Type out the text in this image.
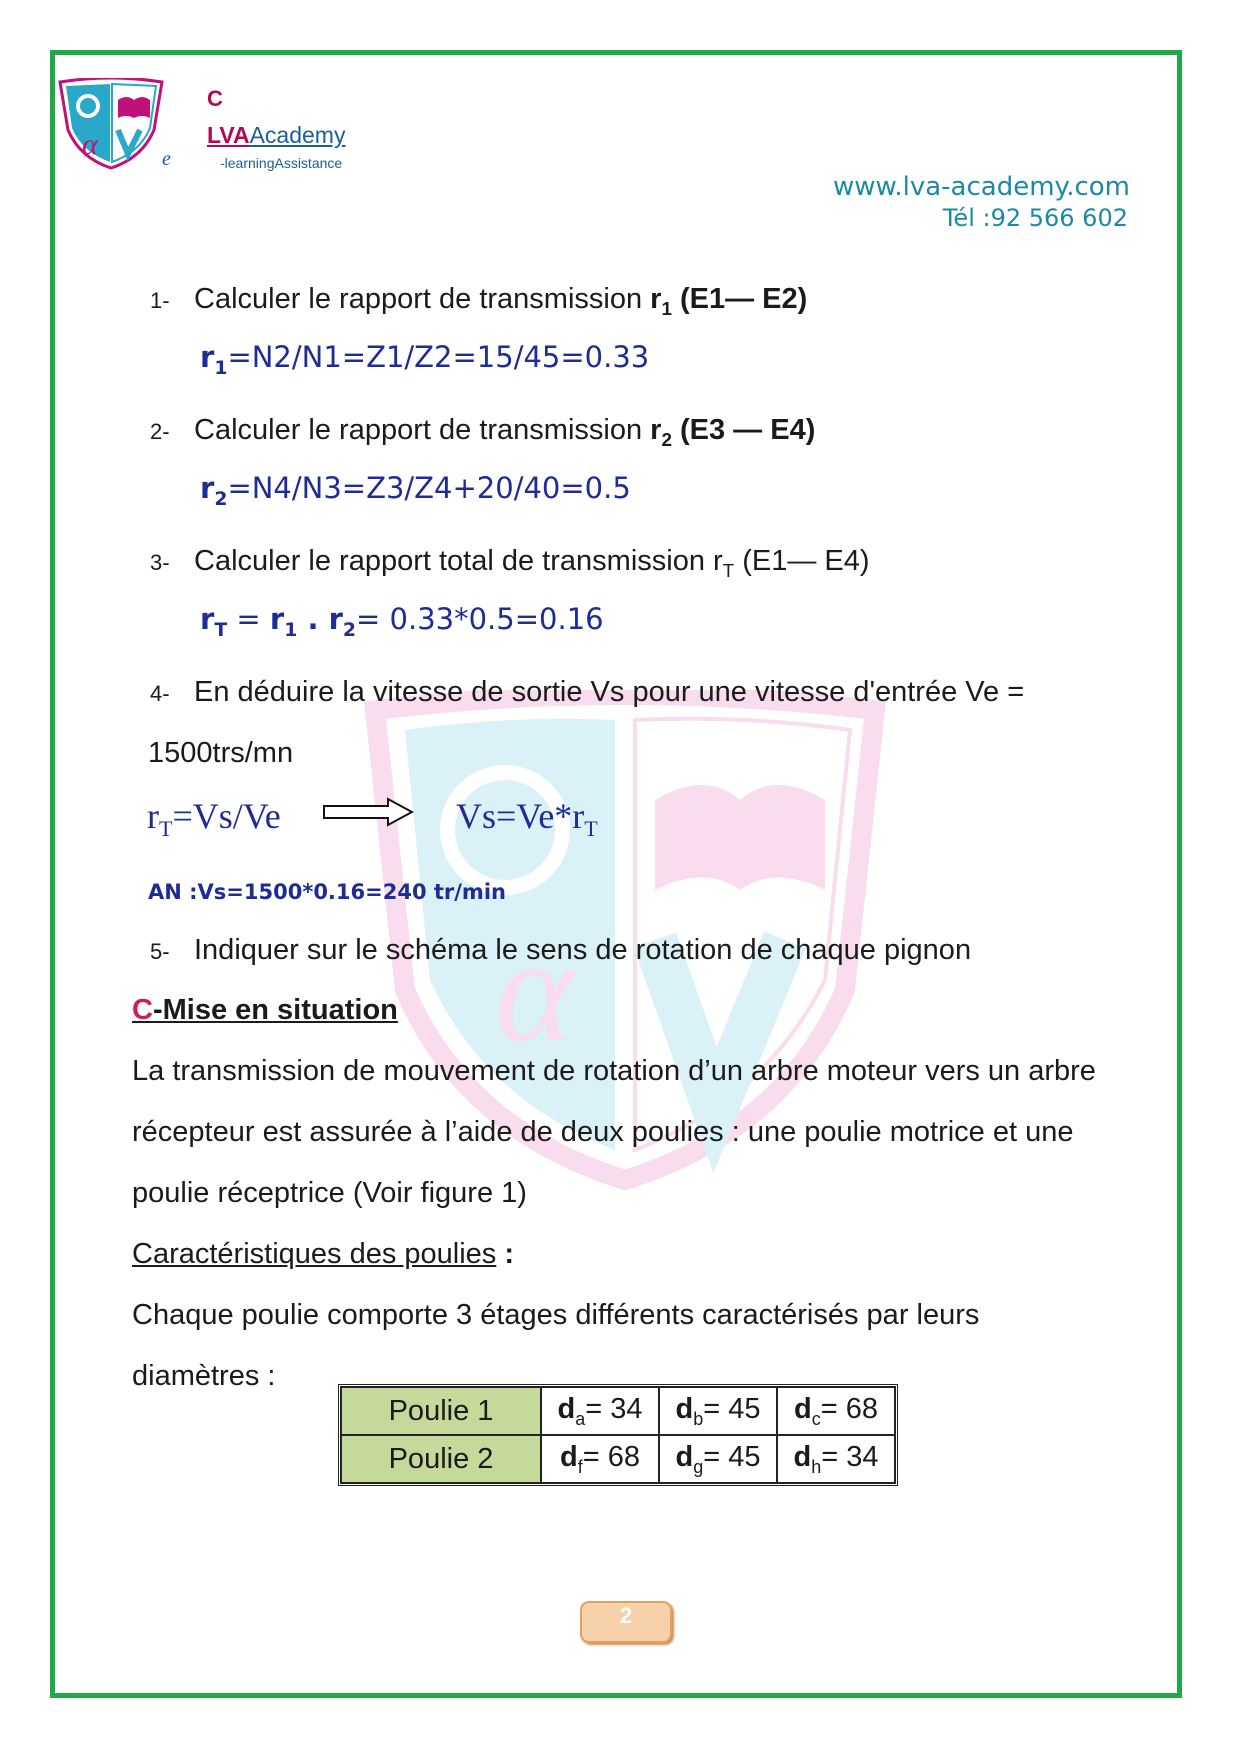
α
α
C
LVAAcademy
e	-learningAssistance
www.lva-academy.com
Tél :92 566 602
1- Calculer le rapport de transmission $r_1$ (E1— E2)
$r_1=N2/N1=Z1/Z2=15/45=0.33$
2- Calculer le rapport de transmission $r_2$ (E3 — E4)
$r_2=N4/N3=Z3/Z4+20/40=0.5$
3- Calculer le rapport total de transmission $r_T$ (E1— E4)
$r_T = r_1$ . $r_2= 0.33*0.5=0.16$
4- En déduire la vitesse de sortie Vs pour une vitesse d'entrée Ve =
1500trs/mn
$r_T=Vs/Ve$	$Vs=Ve*r_T$
AN :Vs=1500*0.16=240 tr/min
5- Indiquer sur le schéma le sens de rotation de chaque pignon
C-Mise en situation
La transmission de mouvement de rotation d’un arbre moteur vers un arbre
récepteur est assurée à l’aide de deux poulies : une poulie motrice et une
poulie réceptrice (Voir figure 1)
Caractéristiques des poulies :
Chaque poulie comporte 3 étages différents caractérisés par leurs
diamètres :
Poulie 1	$d_a= 34$	$d_b= 45$	$d_c= 68$
Poulie 2	$d_f= 68$	$d_g= 45$	$d_h= 34$
2
